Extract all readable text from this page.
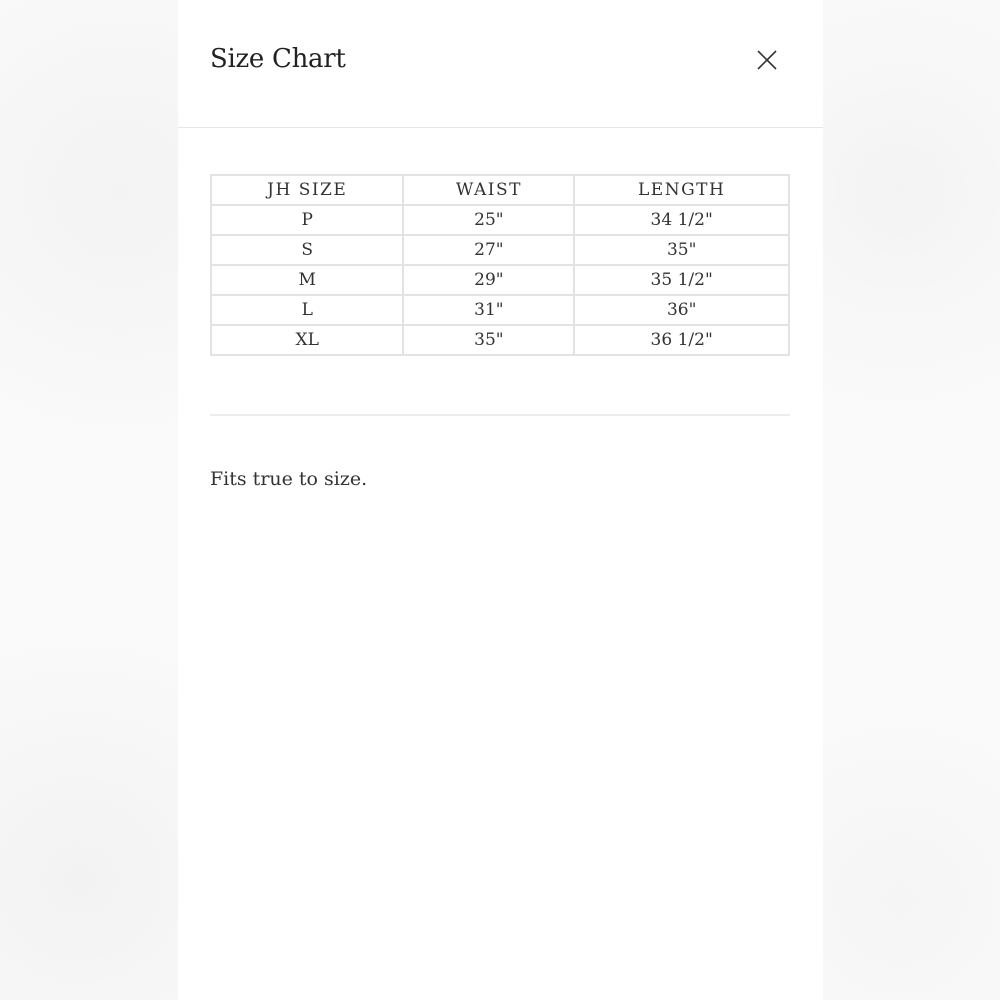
Size Chart
JH SIZE	WAIST	LENGTH
P	25"	34 1/2"
S	27"	35"
M	29"	35 1/2"
L	31"	36"
XL	35"	36 1/2"

Fits true to size.
